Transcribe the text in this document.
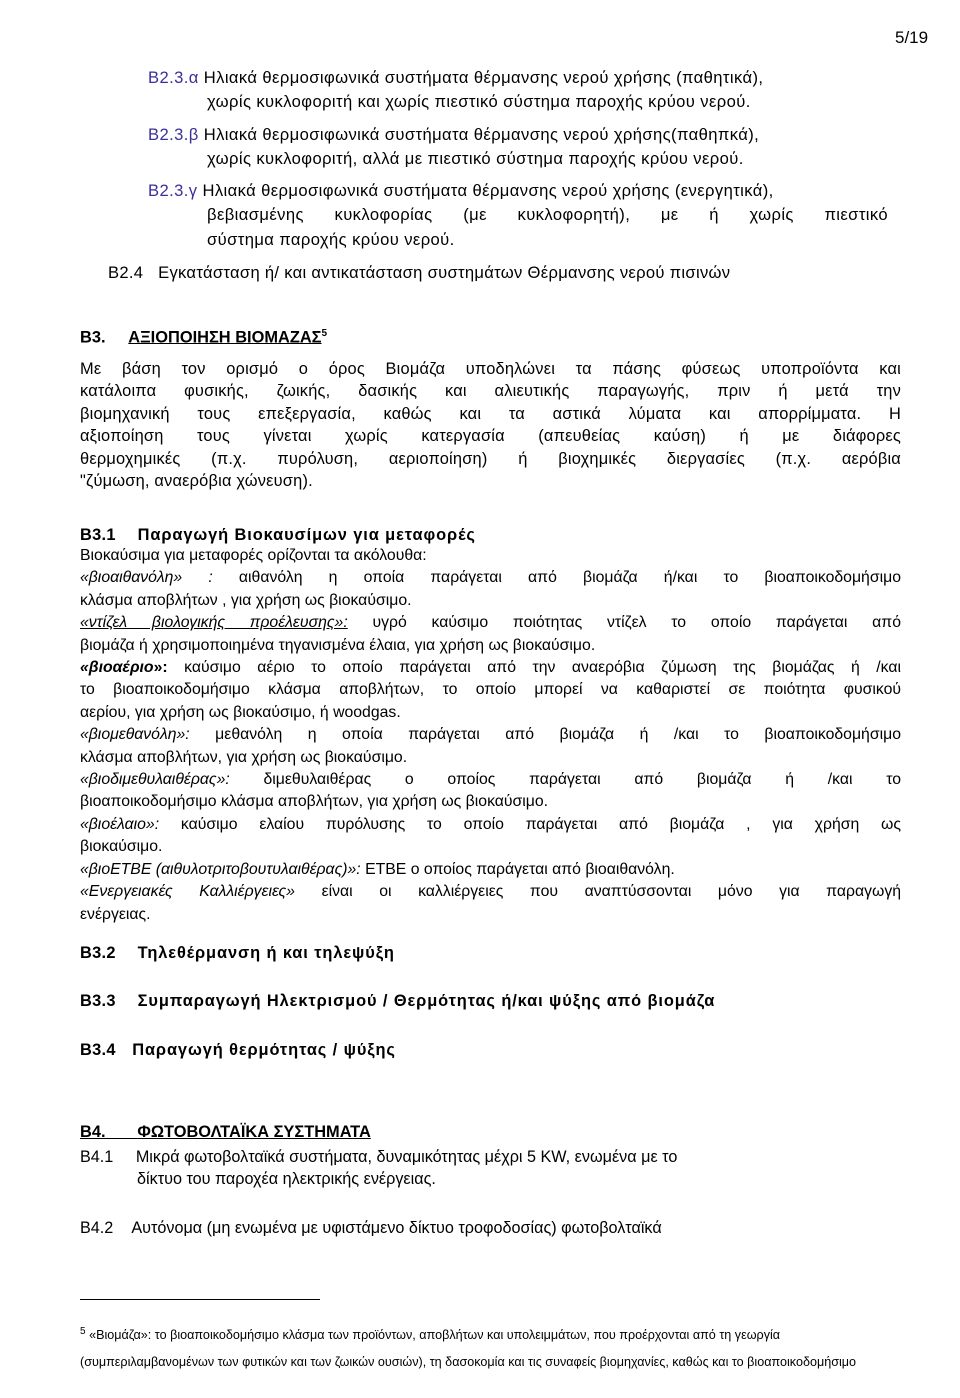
5/19
B2.3.α Ηλιακά θερμοσιφωνικά συστήματα θέρμανσης νερού χρήσης (παθητικά),
χωρίς κυκλοφοριτή και χωρίς πιεστικό σύστημα παροχής κρύου νερού.
B2.3.β Ηλιακά θερμοσιφωνικά συστήματα θέρμανσης νερού χρήσης(παθηπκά),
χωρίς κυκλοφοριτή, αλλά με πιεστικό σύστημα παροχής κρύου νερού.
B2.3.γ Ηλιακά θερμοσιφωνικά συστήματα θέρμανσης νερού χρήσης (ενεργητικά),
βεβιασμένης κυκλοφορίας (με κυκλοφορητή), με ή χωρίς πιεστικό
σύστημα παροχής κρύου νερού.
B2.4 Εγκατάσταση ή/ και αντικατάσταση συστημάτων Θέρμανσης νερού πισινών
B3. ΑΞΙΟΠΟΙΗΣΗ ΒΙΟΜΑΖΑΣ$^5$
Με βάση τον ορισμό ο όρος Βιομάζα υποδηλώνει τα πάσης φύσεως υποπροϊόντα και
κατάλοιπα φυσικής, ζωικής, δασικής και αλιευτικής παραγωγής, πριν ή μετά την
βιομηχανική τους επεξεργασία, καθώς και τα αστικά λύματα και απορρίμματα. Η
αξιοποίηση τους γίνεται χωρίς κατεργασία (απευθείας καύση) ή με διάφορες
θερμοχημικές (π.χ. πυρόλυση, αεριοποίηση) ή βιοχημικές διεργασίες (π.χ. αερόβια
"ζύμωση, αναερόβια χώνευση).
B3.1 Παραγωγή Βιοκαυσίμων για μεταφορές
Βιοκαύσιμα για μεταφορές ορίζονται τα ακόλουθα:
«βιοαιθανόλη» : αιθανόλη η οποία παράγεται από βιομάζα ή/και το βιοαποικοδομήσιμο
κλάσμα αποβλήτων , για χρήση ως βιοκαύσιμο.
«ντίζελ βιολογικής προέλευσης»: υγρό καύσιμο ποιότητας ντίζελ το οποίο παράγεται από
βιομάζα ή χρησιμοποιημένα τηγανισμένα έλαια, για χρήση ως βιοκαύσιμο.
«βιοαέριο»: καύσιμο αέριο το οποίο παράγεται από την αναερόβια ζύμωση της βιομάζας ή /και
το βιοαποικοδομήσιμο κλάσμα αποβλήτων, το οποίο μπορεί να καθαριστεί σε ποιότητα φυσικού
αερίου, για χρήση ως βιοκαύσιμο, ή woodgas.
«βιομεθανόλη»: μεθανόλη η οποία παράγεται από βιομάζα ή /και το βιοαποικοδομήσιμο
κλάσμα αποβλήτων, για χρήση ως βιοκαύσιμο.
«βιοδιμεθυλαιθέρας»: διμεθυλαιθέρας ο οποίος παράγεται από βιομάζα ή /και το
βιοαποικοδομήσιμο κλάσμα αποβλήτων, για χρήση ως βιοκαύσιμο.
«βιοέλαιο»: καύσιμο ελαίου πυρόλυσης το οποίο παράγεται από βιομάζα , για χρήση ως
βιοκαύσιμο.
«βιοΕΤΒΕ (αιθυλοτριτοβουτυλαιθέρας)»: ΕΤΒΕ ο οποίος παράγεται από βιοαιθανόλη.
«Ενεργειακές Καλλιέργειες» είναι οι καλλιέργειες που αναπτύσσονται μόνο για παραγωγή
ενέργειας.
B3.2 Τηλεθέρμανση ή και τηλεψύξη
B3.3 Συμπαραγωγή Ηλεκτρισμού / Θερμότητας ή/και ψύξης από βιομάζα
B3.4 Παραγωγή θερμότητας / ψύξης
B4. ΦΩΤΟΒΟΛΤΑΪΚΑ ΣΥΣΤΗΜΑΤΑ
B4.1 Μικρά φωτοβολταϊκά συστήματα, δυναμικότητας μέχρι 5 KW, ενωμένα με το
δίκτυο του παροχέα ηλεκτρικής ενέργειας.
B4.2 Αυτόνομα (μη ενωμένα με υφιστάμενο δίκτυο τροφοδοσίας) φωτοβολταϊκά
$^5$ «Βιομάζα»: το βιοαποικοδομήσιμο κλάσμα των προϊόντων, αποβλήτων και υπολειμμάτων, που προέρχονται από τη γεωργία
(συμπεριλαμβανομένων των φυτικών και των ζωικών ουσιών), τη δασοκομία και τις συναφείς βιομηχανίες, καθώς και το βιοαποικοδομήσιμο
